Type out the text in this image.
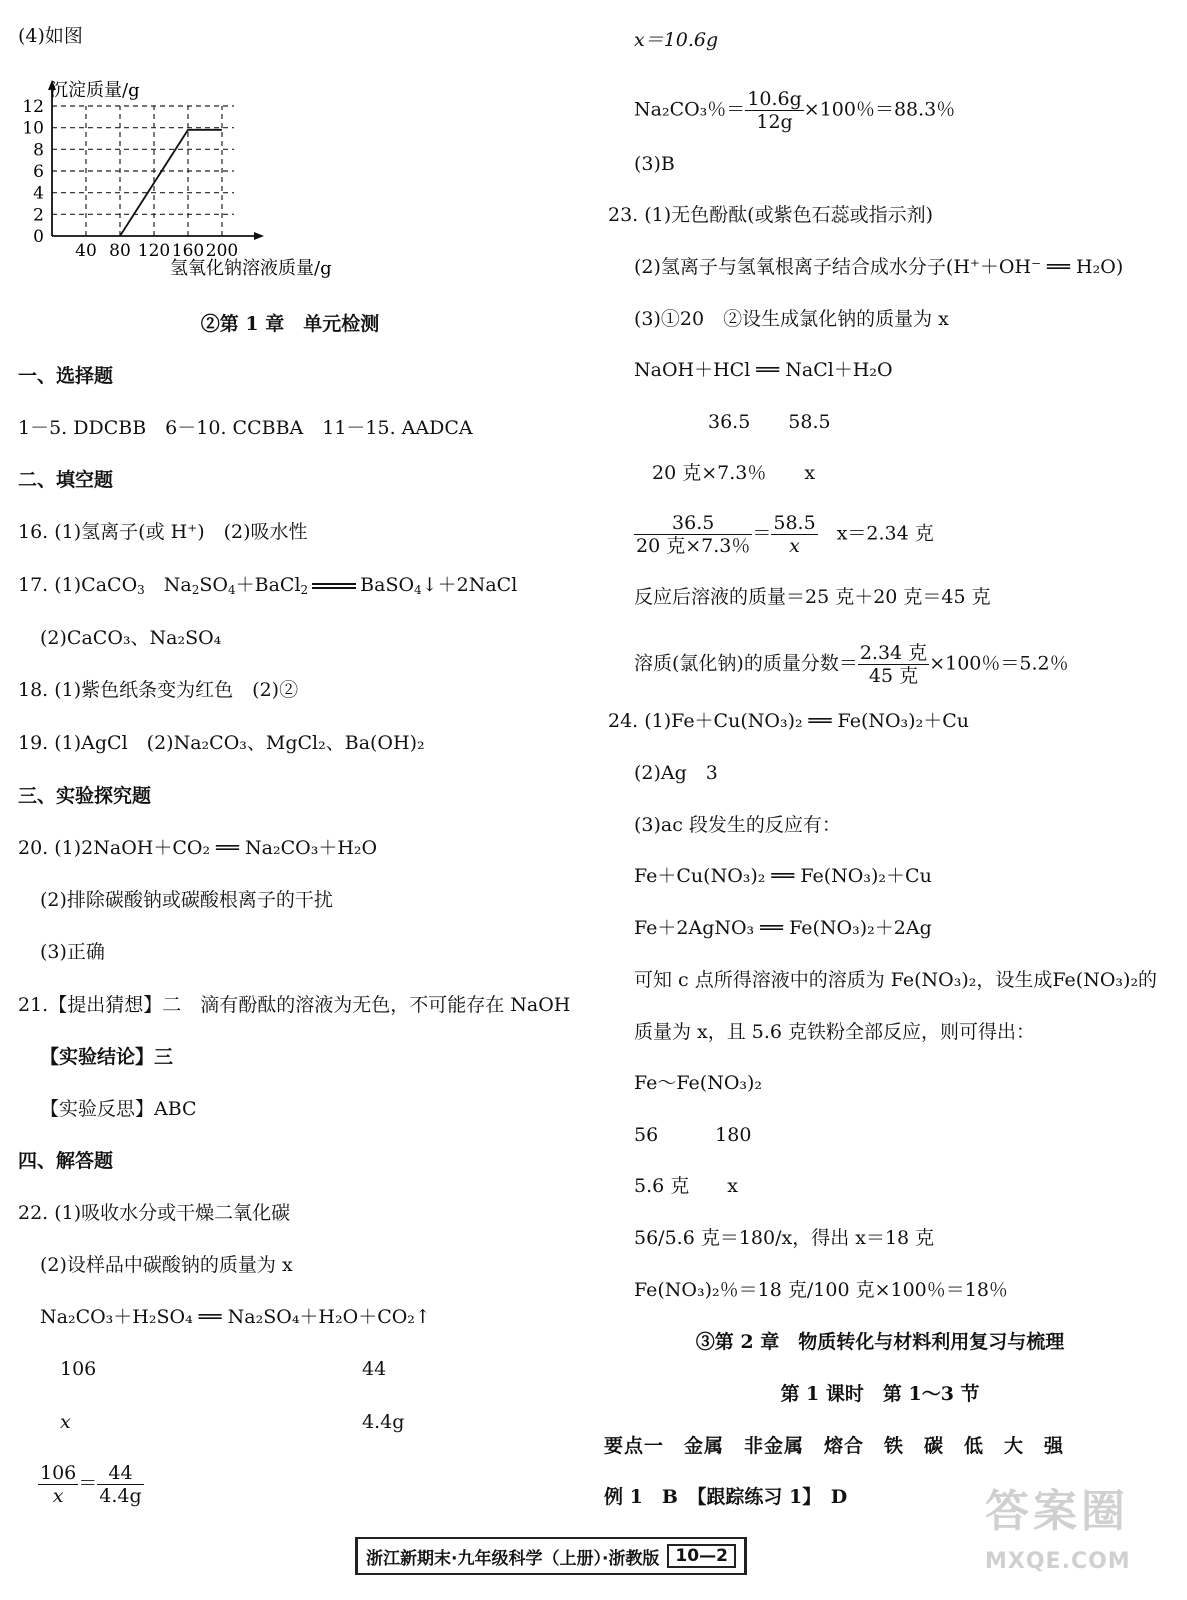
(4)如图
0
2
4
6
8
10
12
40 80 120 160 200
沉淀质量/g
氢氧化钠溶液质量/g
②第 1 章　单元检测
一、选择题
1－5. DDCBB　6－10. CCBBA　11－15. AADCA
二、填空题
16. (1)氢离子(或 H⁺)　(2)吸水性
17. (1)CaCO$_3$　$Na_2SO_4+BaCl_2$	BaSO$_4$↓＋2NaCl
(2)CaCO₃、Na₂SO₄
18. (1)紫色纸条变为红色　(2)②
19. (1)AgCl　(2)Na₂CO₃、MgCl₂、Ba(OH)₂
三、实验探究题
20. (1)2NaOH＋CO₂ ══ Na₂CO₃＋H₂O
(2)排除碳酸钠或碳酸根离子的干扰
(3)正确
21.【提出猜想】二　滴有酚酞的溶液为无色，不可能存在 NaOH
【实验结论】三
【实验反思】ABC
四、解答题
22. (1)吸收水分或干燥二氧化碳
(2)设样品中碳酸钠的质量为 x
Na₂CO₃＋H₂SO₄ ══ Na₂SO₄＋H₂O＋CO₂↑
106	44
x	4.4g
$\frac{106}{x} = \frac{44}{4.4g}$
x＝10.6g
Na₂CO₃％＝ $\frac{10.6g}{12g} \times 100$％＝88.3％
(3)B
23. (1)无色酚酞(或紫色石蕊或指示剂)
(2)氢离子与氢氧根离子结合成水分子(H⁺＋OH⁻ ══ H₂O)
(3)①20　②设生成氯化钠的质量为 x
NaOH＋HCl ══ NaCl＋H₂O
36.5　　58.5
20 克×7.3％　　x
$\frac{36.5}{\text{20 克×7.3％}} = \frac{58.5}{x}$
　 x＝2.34 克
反应后溶液的质量＝25 克＋20 克＝45 克
溶质(氯化钠)的质量分数＝ $\frac{\text{2.34 克}}{\text{45 克}} \times 100$％＝5.2％
24. (1)Fe＋Cu(NO₃)₂ ══ Fe(NO₃)₂＋Cu
(2)Ag　3
(3)ac 段发生的反应有：
Fe＋Cu(NO₃)₂ ══ Fe(NO₃)₂＋Cu
Fe＋2AgNO₃ ══ Fe(NO₃)₂＋2Ag
可知 c 点所得溶液中的溶质为 Fe(NO₃)₂，设生成Fe(NO₃)₂的
质量为 x，且 5.6 克铁粉全部反应，则可得出：
Fe～Fe(NO₃)₂
56　　　180
5.6 克　　x
56/5.6 克＝180/x，得出 x＝18 克
Fe(NO₃)₂％＝18 克/100 克×100％＝18％
③第 2 章　物质转化与材料利用复习与梳理
第 1 课时　第 1～3 节
要点一　金属　非金属　熔合　铁　碳　低　大　强
例 1　B　【跟踪练习 1】　D
浙江新期末·九年级科学（上册）·浙教版 10—2
答案圈
MXQE.COM
